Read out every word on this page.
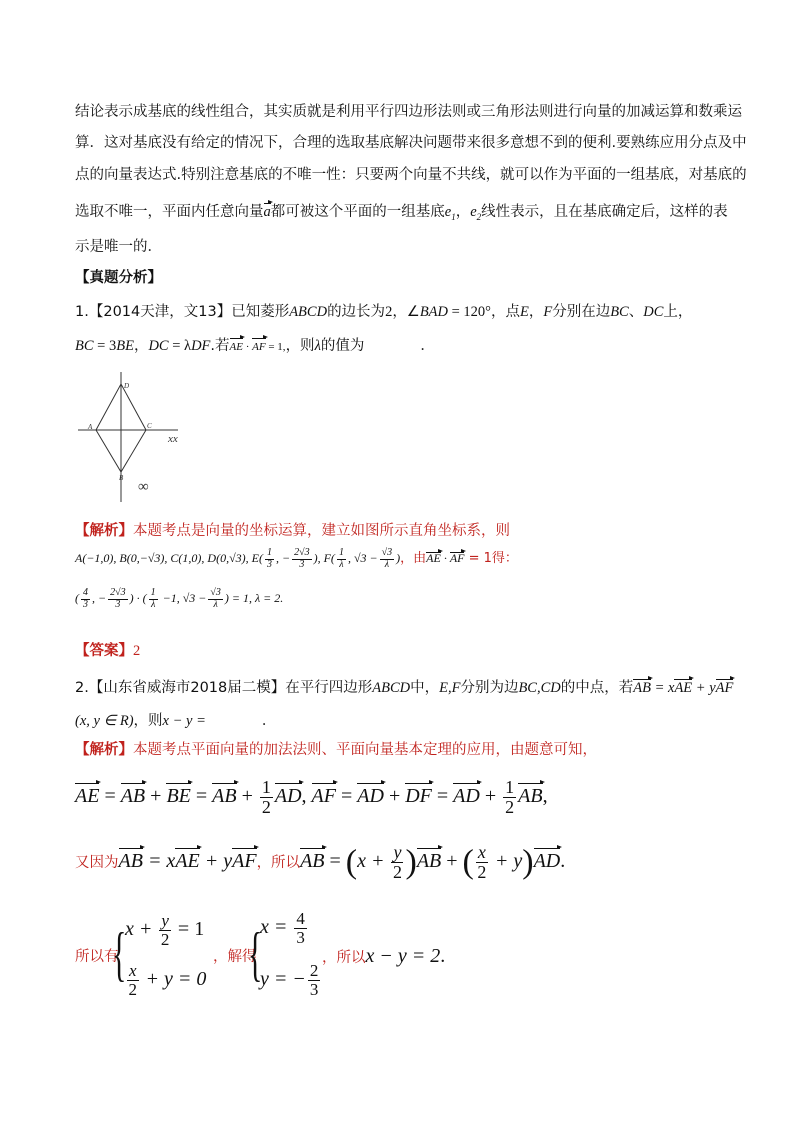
结论表示成基底的线性组合，其实质就是利用平行四边形法则或三角形法则进行向量的加减运算和数乘运
算．这对基底没有给定的情况下，合理的选取基底解决问题带来很多意想不到的便利.要熟练应用分点及中
点的向量表达式.特别注意基底的不唯一性：只要两个向量不共线，就可以作为平面的一组基底，对基底的
选取不唯一，平面内任意向量a都可被这个平面的一组基底$e_1$，$e_2$线性表示，且在基底确定后，这样的表
示是唯一的．
【真题分析】
1.【2014天津，文13】已知菱形ABCD的边长为2，∠BAD = 120°，点E，F分别在边BC、DC上，
BC = 3BE，DC = λDF.若AE · AF = 1,，则λ的值为	．
A
D
C
B
xx
∞
【解析】本题考点是向量的坐标运算，建立如图所示直角坐标系，则
A(−1,0), B(0,−√3), C(1,0), D(0,√3), $E( \frac{1}{3}$ , − $\frac{2√3}{3}$ ), $F( \frac{1}{\lambda}$ , $√3 - \frac{√3}{\lambda}$ )，由AE · AF = 1得：
( $\frac{4}{3}$ , − $\frac{2√3}{3}$ ) · ( $\frac{1}{\lambda} -1$, $√3 - \frac{√3}{\lambda}$ ) = 1, λ = 2.
【答案】2
2.【山东省威海市2018届二模】在平行四边形ABCD中，E,F分别为边BC,CD的中点，若AB = xAE + yAF
(x, y ∈ R)，则x − y =	．
【解析】本题考点平面向量的加法法则、平面向量基本定理的应用，由题意可知，
AE = AB + BE = AB + $\frac{1}{2}$ AD, AF = AD + DF = AD + $\frac{1}{2}$ AB,
又因为AB = xAE + yAF，所以AB = $(x + \frac{y}{2} )AB$ + ( $\frac{x}{2} + y)AD$.
所以有
{
$x + \frac{y}{2} = 1$
$\frac{x}{2} + y = 0$
，解得
{
$x = \frac{4}{3}$
y = − $\frac{2}{3}$
，所以x − y = 2.
